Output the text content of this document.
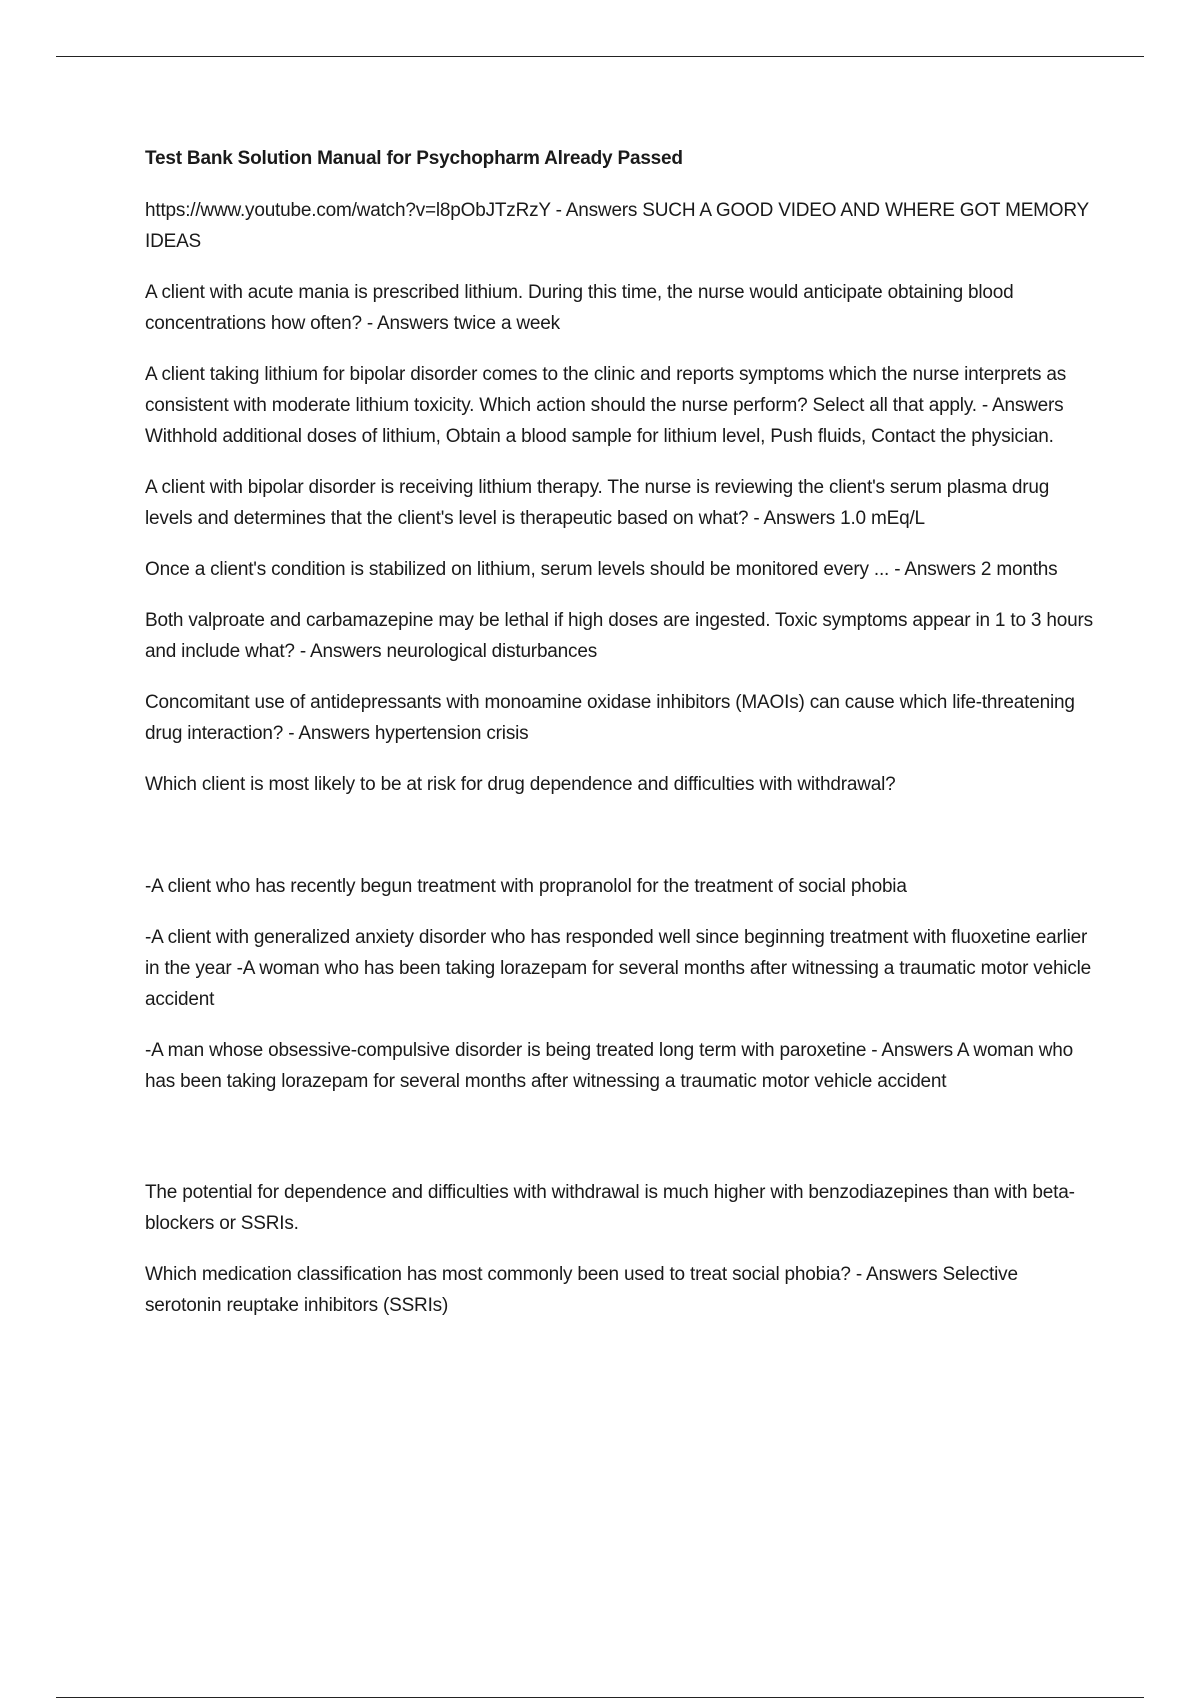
Test Bank Solution Manual for Psychopharm Already Passed

https://www.youtube.com/watch?v=l8pObJTzRzY - Answers SUCH A GOOD VIDEO AND WHERE GOT MEMORY IDEAS

A client with acute mania is prescribed lithium. During this time, the nurse would anticipate obtaining blood concentrations how often? - Answers twice a week

A client taking lithium for bipolar disorder comes to the clinic and reports symptoms which the nurse interprets as consistent with moderate lithium toxicity. Which action should the nurse perform? Select all that apply. - Answers Withhold additional doses of lithium, Obtain a blood sample for lithium level, Push fluids, Contact the physician.

A client with bipolar disorder is receiving lithium therapy. The nurse is reviewing the client's serum plasma drug levels and determines that the client's level is therapeutic based on what? - Answers 1.0 mEq/L

Once a client's condition is stabilized on lithium, serum levels should be monitored every ... - Answers 2 months

Both valproate and carbamazepine may be lethal if high doses are ingested. Toxic symptoms appear in 1 to 3 hours and include what? - Answers neurological disturbances

Concomitant use of antidepressants with monoamine oxidase inhibitors (MAOIs) can cause which life-threatening drug interaction? - Answers hypertension crisis

Which client is most likely to be at risk for drug dependence and difficulties with withdrawal?

-A client who has recently begun treatment with propranolol for the treatment of social phobia

-A client with generalized anxiety disorder who has responded well since beginning treatment with fluoxetine earlier in the year -A woman who has been taking lorazepam for several months after witnessing a traumatic motor vehicle accident

-A man whose obsessive-compulsive disorder is being treated long term with paroxetine - Answers A woman who has been taking lorazepam for several months after witnessing a traumatic motor vehicle accident

The potential for dependence and difficulties with withdrawal is much higher with benzodiazepines than with beta-blockers or SSRIs.

Which medication classification has most commonly been used to treat social phobia? - Answers Selective serotonin reuptake inhibitors (SSRIs)
